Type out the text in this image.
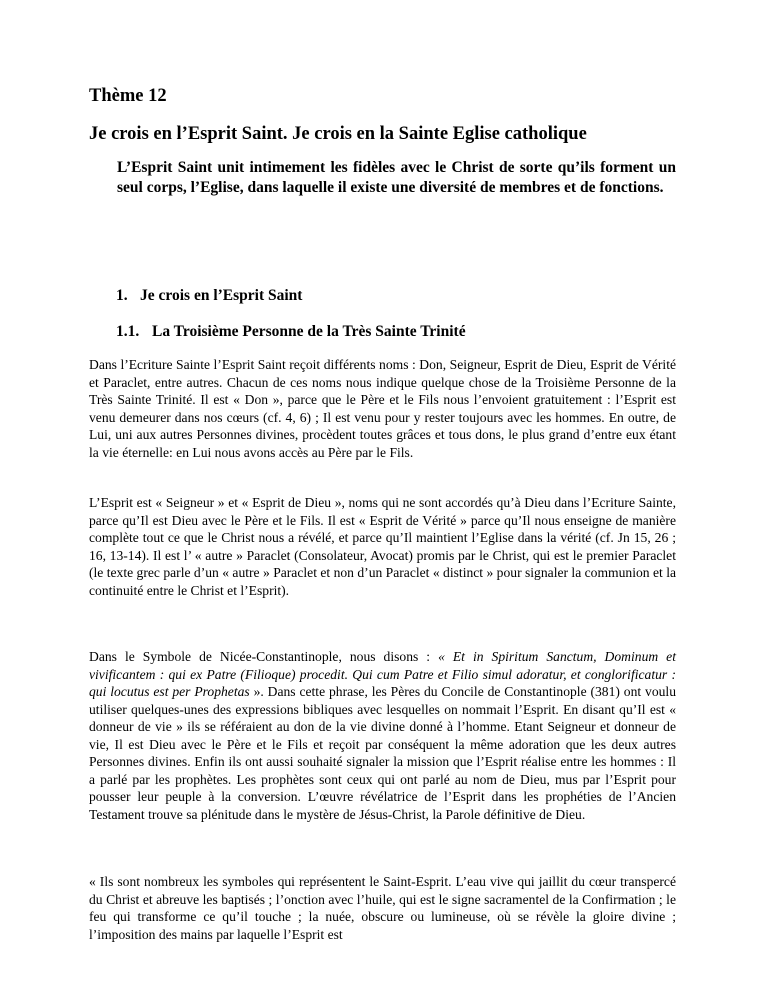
Thème 12
Je crois en l’Esprit Saint. Je crois en la Sainte Eglise catholique

L’Esprit Saint unit intimement les fidèles avec le Christ de sorte qu’ils forment un seul corps, l’Eglise, dans laquelle il existe une diversité de membres et de fonctions.

1. Je crois en l’Esprit Saint
1.1. La Troisième Personne de la Très Sainte Trinité

Dans l’Ecriture Sainte l’Esprit Saint reçoit différents noms : Don, Seigneur, Esprit de Dieu, Esprit de Vérité et Paraclet, entre autres. Chacun de ces noms nous indique quelque chose de la Troisième Personne de la Très Sainte Trinité. Il est « Don », parce que le Père et le Fils nous l’envoient gratuitement : l’Esprit est venu demeurer dans nos cœurs (cf. 4, 6) ; Il est venu pour y rester toujours avec les hommes. En outre, de Lui, uni aux autres Personnes divines, procèdent toutes grâces et tous dons, le plus grand d’entre eux étant la vie éternelle: en Lui nous avons accès au Père par le Fils.

L’Esprit est « Seigneur » et « Esprit de Dieu », noms qui ne sont accordés qu’à Dieu dans l’Ecriture Sainte, parce qu’Il est Dieu avec le Père et le Fils. Il est « Esprit de Vérité » parce qu’Il nous enseigne de manière complète tout ce que le Christ nous a révélé, et parce qu’Il maintient l’Eglise dans la vérité (cf. Jn 15, 26 ; 16, 13-14). Il est l’ « autre » Paraclet (Consolateur, Avocat) promis par le Christ, qui est le premier Paraclet (le texte grec parle d’un « autre » Paraclet et non d’un Paraclet « distinct » pour signaler la communion et la continuité entre le Christ et l’Esprit).

Dans le Symbole de Nicée-Constantinople, nous disons : « Et in Spiritum Sanctum, Dominum et vivificantem : qui ex Patre (Filioque) procedit. Qui cum Patre et Filio simul adoratur, et conglorificatur : qui locutus est per Prophetas ». Dans cette phrase, les Pères du Concile de Constantinople (381) ont voulu utiliser quelques-unes des expressions bibliques avec lesquelles on nommait l’Esprit. En disant qu’Il est « donneur de vie » ils se référaient au don de la vie divine donné à l’homme. Etant Seigneur et donneur de vie, Il est Dieu avec le Père et le Fils et reçoit par conséquent la même adoration que les deux autres Personnes divines. Enfin ils ont aussi souhaité signaler la mission que l’Esprit réalise entre les hommes : Il a parlé par les prophètes. Les prophètes sont ceux qui ont parlé au nom de Dieu, mus par l’Esprit pour pousser leur peuple à la conversion. L’œuvre révélatrice de l’Esprit dans les prophéties de l’Ancien Testament trouve sa plénitude dans le mystère de Jésus-Christ, la Parole définitive de Dieu.

« Ils sont nombreux les symboles qui représentent le Saint-Esprit. L’eau vive qui jaillit du cœur transpercé du Christ et abreuve les baptisés ; l’onction avec l’huile, qui est le signe sacramentel de la Confirmation ; le feu qui transforme ce qu’il touche ; la nuée, obscure ou lumineuse, où se révèle la gloire divine ; l’imposition des mains par laquelle l’Esprit est
